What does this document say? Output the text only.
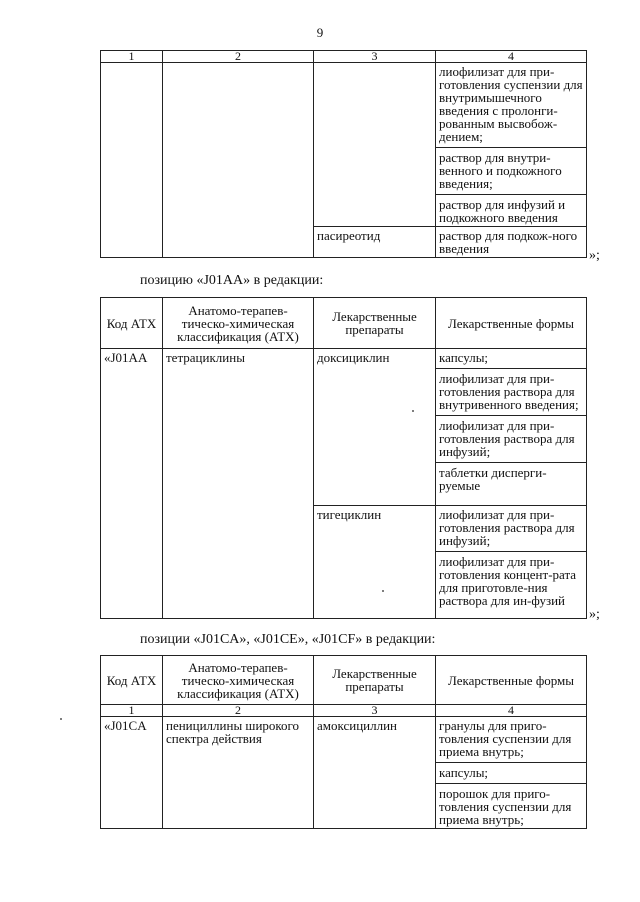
9
1	2	3	4

			лиофилизат для при-готовления суспензии для внутримышечного введения с пролонги-рованным высвобож-дением;
раствор для внутри-венного и подкожного введения;
раствор для инфузий и подкожного введения

		пасиреотид	раствор для подкож-ного введения	»;
позицию «J01AA» в редакции:
Код АТХ	Анатомо-терапев-тическо-химическая классификация (АТХ)	Лекарственные препараты	Лекарственные формы
«J01AA	тетрациклины	доксициклин	капсулы;
лиофилизат для при-готовления раствора для внутривенного введения;
лиофилизат для при-готовления раствора для инфузий;
таблетки дисперги-руемые

		тигециклин	лиофилизат для при-готовления раствора для инфузий;
лиофилизат для при-готовления концент-рата для приготовле-ния раствора для ин-фузий
»;
позиции «J01CA», «J01CE», «J01CF» в редакции:
Код АТХ	Анатомо-терапев-тическо-химическая классификация (АТХ)	Лекарственные препараты	Лекарственные формы
1	2	3	4
«J01CA	пенициллины широкого спектра действия	амоксициллин	гранулы для приго-товления суспензии для приема внутрь;
капсулы;
порошок для приго-товления суспензии для приема внутрь;
